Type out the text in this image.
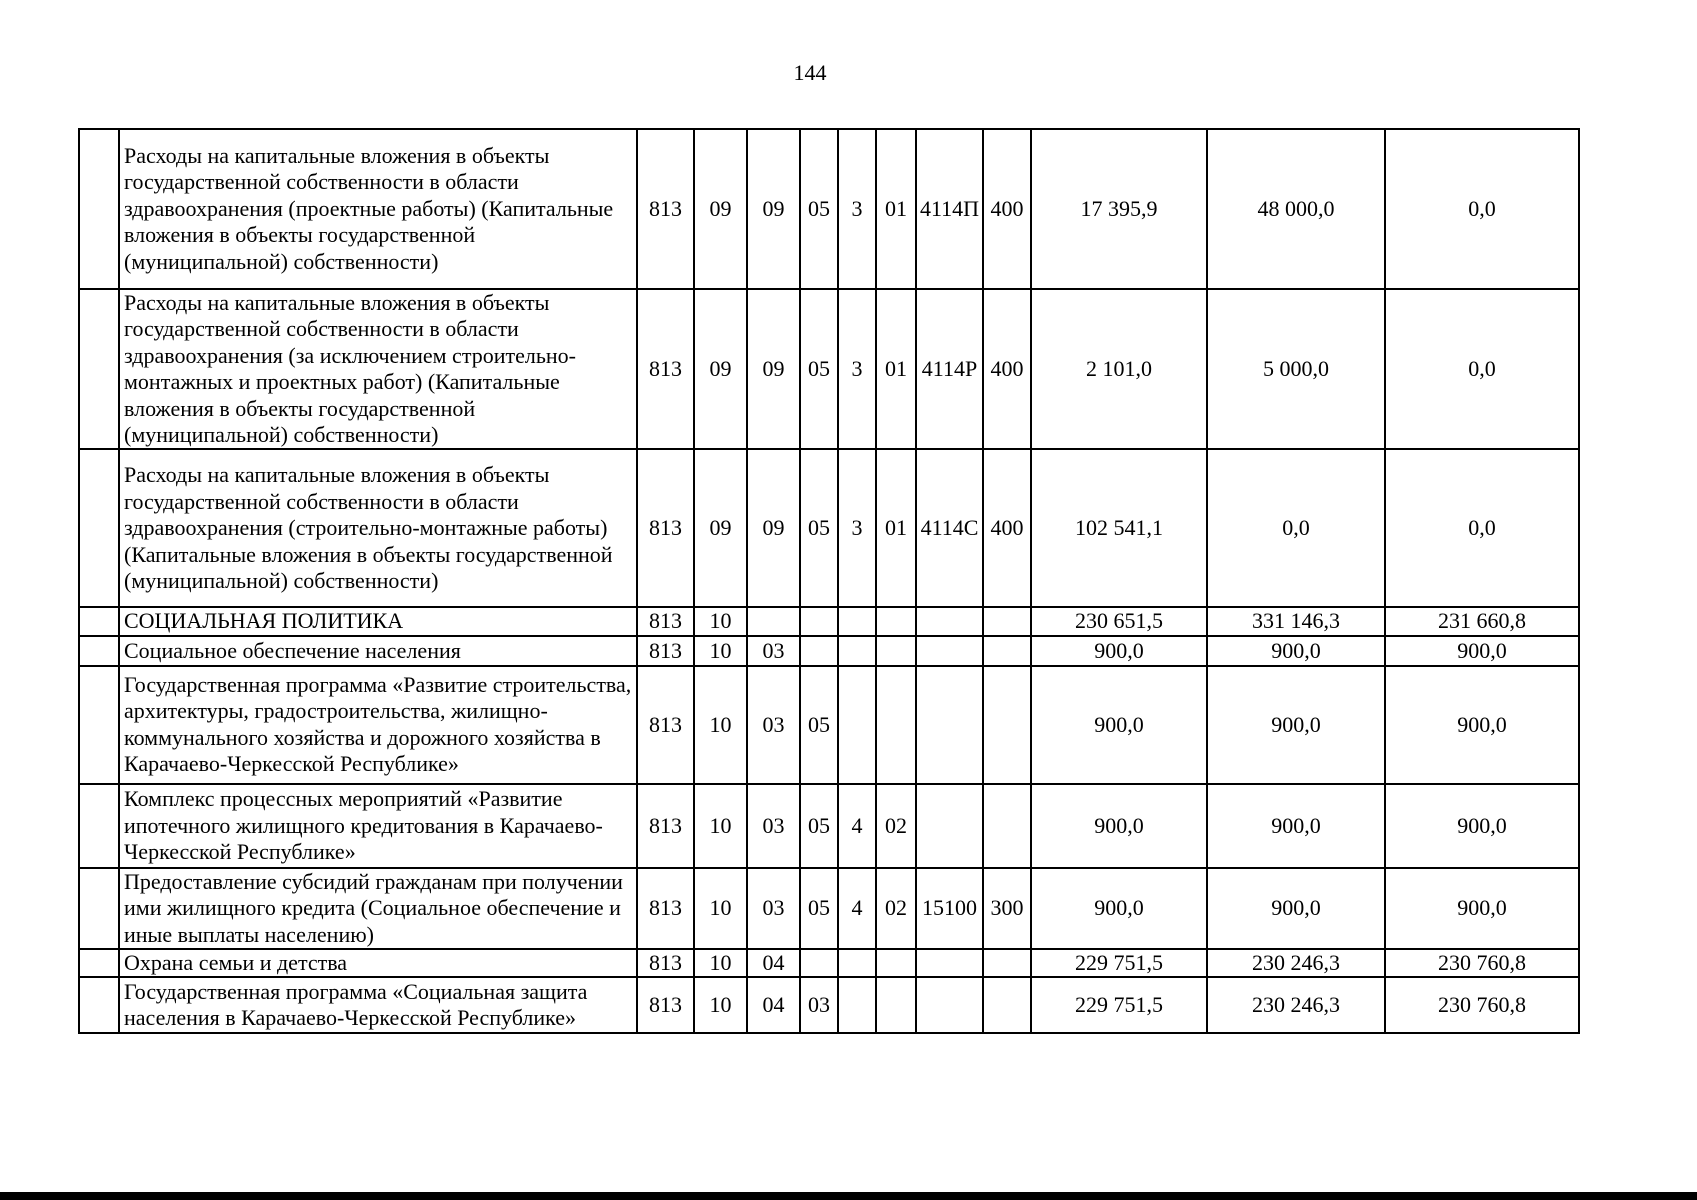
144
	Расходы на капитальные вложения в объекты государственной собственности в области здравоохранения (проектные работы) (Капитальные вложения в объекты государственной (муниципальной) собственности)	813	09	09	05	3	01	4114П	400	17 395,9	48 000,0	0,0
	Расходы на капитальные вложения в объекты государственной собственности в области здравоохранения (за исключением строительно-монтажных и проектных работ) (Капитальные вложения в объекты государственной (муниципальной) собственности)	813	09	09	05	3	01	4114Р	400	2 101,0	5 000,0	0,0
	Расходы на капитальные вложения в объекты государственной собственности в области здравоохранения (строительно-монтажные работы) (Капитальные вложения в объекты государственной (муниципальной) собственности)	813	09	09	05	3	01	4114С	400	102 541,1	0,0	0,0
	СОЦИАЛЬНАЯ ПОЛИТИКА	813	10							230 651,5	331 146,3	231 660,8
	Социальное обеспечение населения	813	10	03						900,0	900,0	900,0
	Государственная программа «Развитие строительства, архитектуры, градостроительства, жилищно-коммунального хозяйства и дорожного хозяйства в Карачаево-Черкесской Республике»	813	10	03	05					900,0	900,0	900,0
	Комплекс процессных мероприятий «Развитие ипотечного жилищного кредитования в Карачаево-Черкесской Республике»	813	10	03	05	4	02			900,0	900,0	900,0
	Предоставление субсидий гражданам при получении ими жилищного кредита (Социальное обеспечение и иные выплаты населению)	813	10	03	05	4	02	15100	300	900,0	900,0	900,0
	Охрана семьи и детства	813	10	04						229 751,5	230 246,3	230 760,8
	Государственная программа «Социальная защита населения в Карачаево-Черкесской Республике»	813	10	04	03					229 751,5	230 246,3	230 760,8
